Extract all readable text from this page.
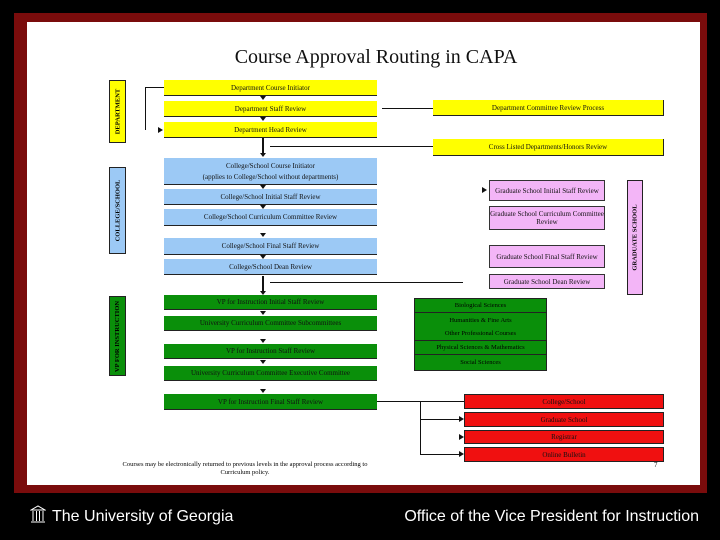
Course Approval Routing in CAPA
DEPARTMENT
COLLEGE/SCHOOL
VP FOR INSTRUCTION
GRADUATE SCHOOL
Department Course Initiator
Department Staff Review
Department Head Review
Department Committee Review Process
Cross Listed Departments/Honors Review
College/School Course Initiator
(applies to College/School without departments)
College/School Initial Staff Review
College/School Curriculum Committee Review
College/School Final Staff Review
College/School Dean Review
Graduate School Initial Staff Review
Graduate School Curriculum Committee Review
Graduate School Final Staff Review
Graduate School Dean Review
VP for Instruction Initial Staff Review
University Curriculum Committee Subcommittees
VP for Instruction Staff Review
University Curriculum Committee Executive Committee
VP for Instruction Final Staff Review
Biological Sciences
Humanities & Fine Arts
Other Professional Courses
Physical Sciences & Mathematics
Social Sciences
College/School
Graduate School
Registrar
Online Bulletin
Courses may be electronically returned to previous levels in the approval process according to Curriculum policy.
7
The University of Georgia	Office of the Vice President for Instruction
